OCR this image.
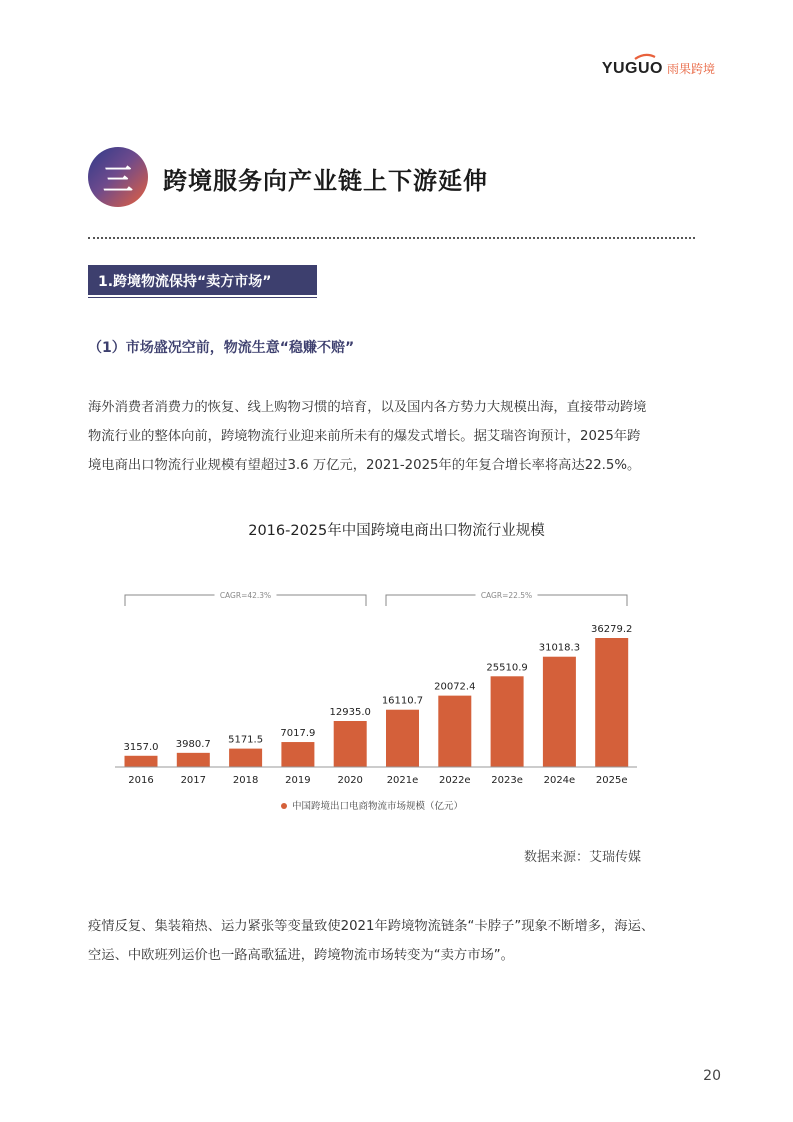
YUGUO 雨果跨境
三	跨境服务向产业链上下游延伸
1.跨境物流保持“卖方市场”
（1）市场盛况空前，物流生意“稳赚不赔”

海外消费者消费力的恢复、线上购物习惯的培育，以及国内各方势力大规模出海，直接带动跨境
物流行业的整体向前，跨境物流行业迎来前所未有的爆发式增长。据艾瑞咨询预计，2025年跨
境电商出口物流行业规模有望超过3.6 万亿元，2021-2025年的年复合增长率将高达22.5%。

2016-2025年中国跨境电商出口物流行业规模
3157.0
2016
3980.7
2017
5171.5
2018
7017.9
2019
12935.0
2020
16110.7
2021e
20072.4
2022e
25510.9
2023e
31018.3
2024e
36279.2
2025e
CAGR=42.3%	CAGR=22.5%
中国跨境出口电商物流市场规模（亿元）
数据来源：艾瑞传媒

疫情反复、集装箱热、运力紧张等变量致使2021年跨境物流链条“卡脖子”现象不断增多，海运、
空运、中欧班列运价也一路高歌猛进，跨境物流市场转变为“卖方市场”。

20
